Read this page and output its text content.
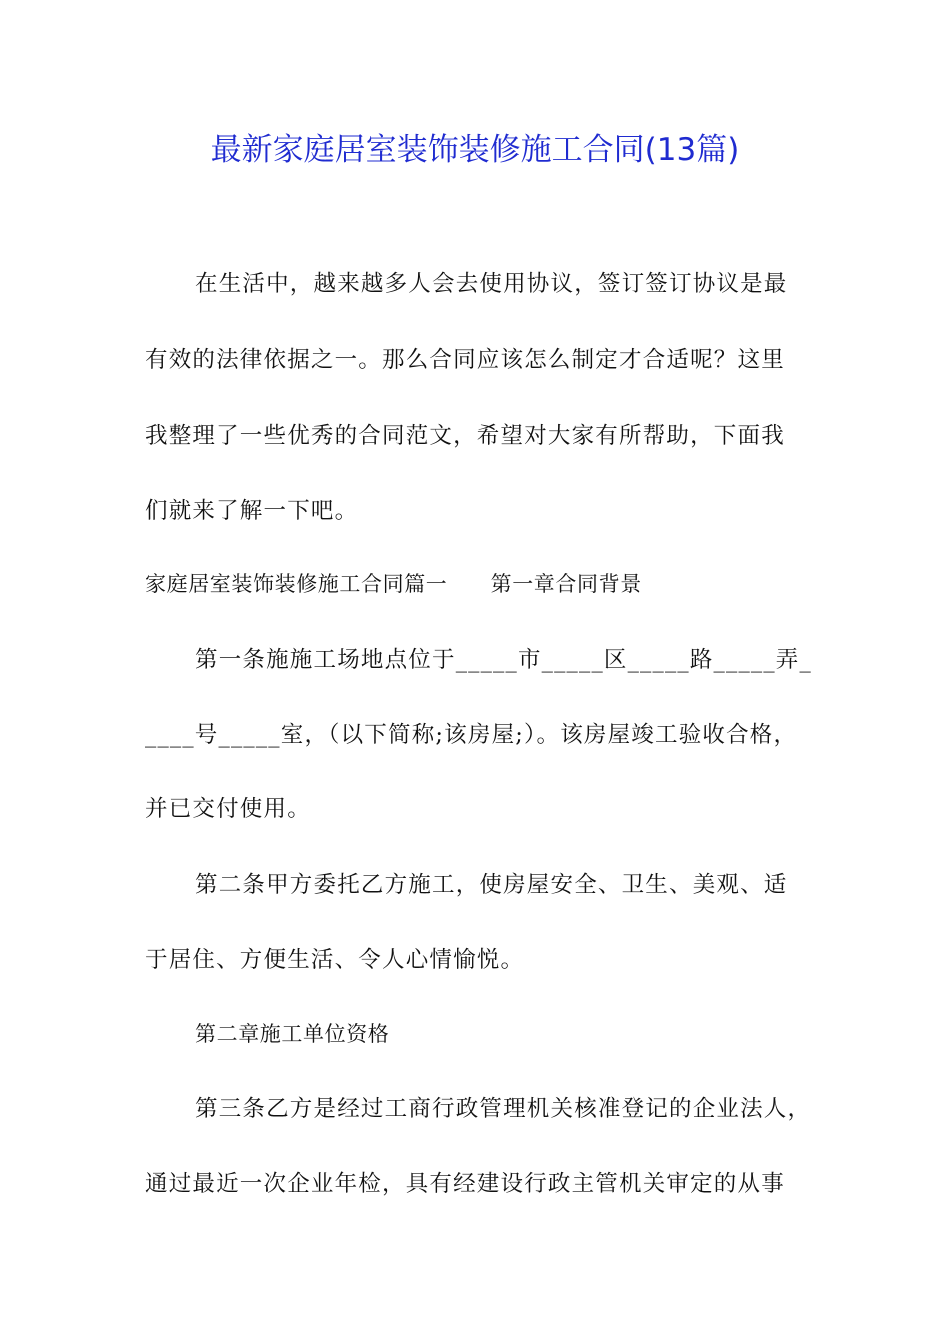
最新家庭居室装饰装修施工合同(13篇)
在生活中，越来越多人会去使用协议，签订签订协议是最
有效的法律依据之一。那么合同应该怎么制定才合适呢？这里
我整理了一些优秀的合同范文，希望对大家有所帮助，下面我
们就来了解一下吧。
家庭居室装饰装修施工合同篇一　　第一章合同背景
第一条施施工场地点位于_____市_____区_____路_____弄_
____号_____室，（以下简称;该房屋;）。该房屋竣工验收合格，
并已交付使用。
第二条甲方委托乙方施工，使房屋安全、卫生、美观、适
于居住、方便生活、令人心情愉悦。
第二章施工单位资格
第三条乙方是经过工商行政管理机关核准登记的企业法人，
通过最近一次企业年检，具有经建设行政主管机关审定的从事
